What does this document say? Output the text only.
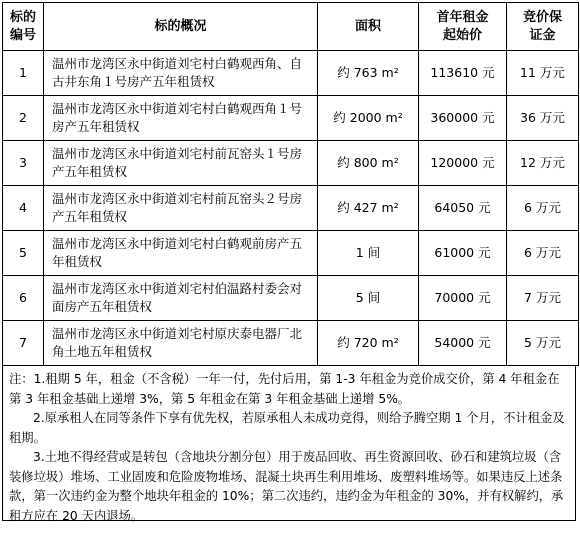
标的编号	标的概况	面积	首年租金起始价	竞价保证金
1	温州市龙湾区永中街道刘宅村白鹤观西角、自古井东角１号房产五年租赁权	约 763 m²	113610 元	11 万元
2	温州市龙湾区永中街道刘宅村白鹤观西角１号房产五年租赁权	约 2000 m²	360000 元	36 万元
3	温州市龙湾区永中街道刘宅村前瓦窑头１号房产五年租赁权	约 800 m²	120000 元	12 万元
4	温州市龙湾区永中街道刘宅村前瓦窑头２号房产五年租赁权	约 427 m²	64050 元	6 万元
5	温州市龙湾区永中街道刘宅村白鹤观前房产五年租赁权	1 间	61000 元	6 万元
6	温州市龙湾区永中街道刘宅村伯温路村委会对面房产五年租赁权	5 间	70000 元	7 万元
7	温州市龙湾区永中街道刘宅村原庆泰电器厂北角土地五年租赁权	约 720 m²	54000 元	5 万元

注：1.租期 5 年，租金（不含税）一年一付，先付后用，第 1-3 年租金为竞价成交价，第 4 年租金在第 3 年租金基础上递增 3%，第 5 年租金在第 3 年租金基础上递增 5%。

2.原承租人在同等条件下享有优先权，若原承租人未成功竞得，则给予腾空期 1 个月，不计租金及租期。

3.土地不得经营或是转包（含地块分割分包）用于废品回收、再生资源回收、砂石和建筑垃圾（含装修垃圾）堆场、工业固废和危险废物堆场、混凝土块再生利用堆场、废塑料堆场等。如果违反上述条款，第一次违约金为整个地块年租金的 10%；第二次违约，违约金为年租金的 30%，并有权解约，承租方应在 20 天内退场。
